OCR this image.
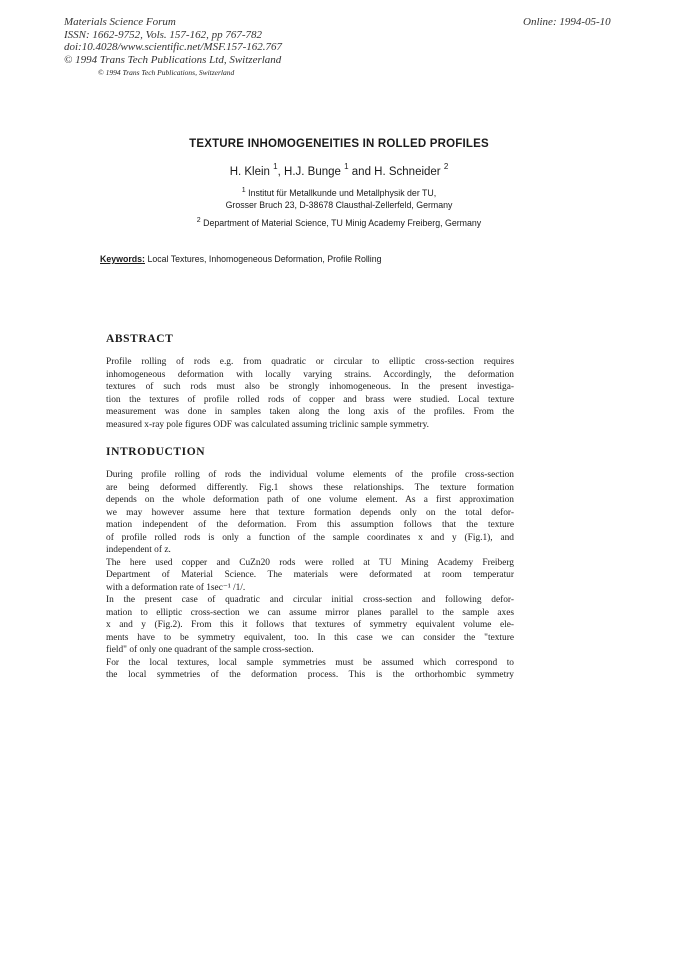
Materials Science Forum
ISSN: 1662-9752, Vols. 157-162, pp 767-782
doi:10.4028/www.scientific.net/MSF.157-162.767
© 1994 Trans Tech Publications Ltd, Switzerland
Online: 1994-05-10
© 1994 Trans Tech Publications, Switzerland
TEXTURE INHOMOGENEITIES IN ROLLED PROFILES
H. Klein $^1$, H.J. Bunge $^1$ and H. Schneider $^2$
$^1$ Institut für Metallkunde und Metallphysik der TU,
Grosser Bruch 23, D-38678 Clausthal-Zellerfeld, Germany
$^2$ Department of Material Science, TU Minig Academy Freiberg, Germany
Keywords: Local Textures, Inhomogeneous Deformation, Profile Rolling
ABSTRACT
Profile rolling of rods e.g. from quadratic or circular to elliptic cross-section requires
inhomogeneous deformation with locally varying strains. Accordingly, the deformation
textures of such rods must also be strongly inhomogeneous. In the present investiga-
tion the textures of profile rolled rods of copper and brass were studied. Local texture
measurement was done in samples taken along the long axis of the profiles. From the
measured x-ray pole figures ODF was calculated assuming triclinic sample symmetry.
INTRODUCTION
During profile rolling of rods the individual volume elements of the profile cross-section
are being deformed differently. Fig.1 shows these relationships. The texture formation
depends on the whole deformation path of one volume element. As a first approximation
we may however assume here that texture formation depends only on the total defor-
mation independent of the deformation. From this assumption follows that the texture
of profile rolled rods is only a function of the sample coordinates x and y (Fig.1), and
independent of z.
The here used copper and CuZn20 rods were rolled at TU Mining Academy Freiberg
Department of Material Science. The materials were deformated at room temperatur
with a deformation rate of 1sec⁻¹ /1/.
In the present case of quadratic and circular initial cross-section and following defor-
mation to elliptic cross-section we can assume mirror planes parallel to the sample axes
x and y (Fig.2). From this it follows that textures of symmetry equivalent volume ele-
ments have to be symmetry equivalent, too. In this case we can consider the "texture
field" of only one quadrant of the sample cross-section.
For the local textures, local sample symmetries must be assumed which correspond to
the local symmetries of the deformation process. This is the orthorhombic symmetry
